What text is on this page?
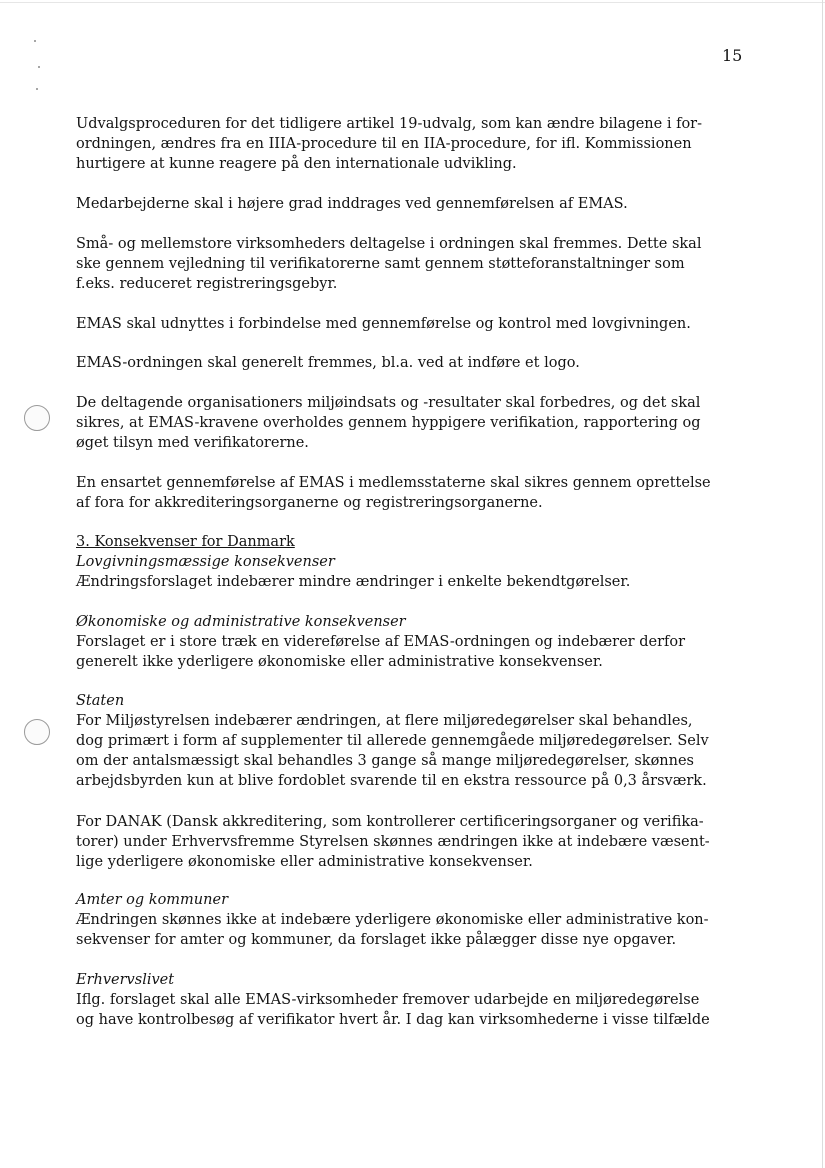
15

Udvalgsproceduren for det tidligere artikel 19-udvalg, som kan ændre bilagene i for-
ordningen, ændres fra en IIIA-procedure til en IIA-procedure, for ifl. Kommissionen
hurtigere at kunne reagere på den internationale udvikling.

Medarbejderne skal i højere grad inddrages ved gennemførelsen af EMAS.

Små- og mellemstore virksomheders deltagelse i ordningen skal fremmes. Dette skal
ske gennem vejledning til verifikatorerne samt gennem støtteforanstaltninger som
f.eks. reduceret registreringsgebyr.

EMAS skal udnyttes i forbindelse med gennemførelse og kontrol med lovgivningen.

EMAS-ordningen skal generelt fremmes, bl.a. ved at indføre et logo.

De deltagende organisationers miljøindsats og -resultater skal forbedres, og det skal
sikres, at EMAS-kravene overholdes gennem hyppigere verifikation, rapportering og
øget tilsyn med verifikatorerne.

En ensartet gennemførelse af EMAS i medlemsstaterne skal sikres gennem oprettelse
af fora for akkrediteringsorganerne og registreringsorganerne.

3. Konsekvenser for Danmark
Lovgivningsmæssige konsekvenser
Ændringsforslaget indebærer mindre ændringer i enkelte bekendtgørelser.

Økonomiske og administrative konsekvenser
Forslaget er i store træk en videreførelse af EMAS-ordningen og indebærer derfor
generelt ikke yderligere økonomiske eller administrative konsekvenser.

Staten
For Miljøstyrelsen indebærer ændringen, at flere miljøredegørelser skal behandles,
dog primært i form af supplementer til allerede gennemgåede miljøredegørelser. Selv
om der antalsmæssigt skal behandles 3 gange så mange miljøredegørelser, skønnes
arbejdsbyrden kun at blive fordoblet svarende til en ekstra ressource på 0,3 årsværk.

For DANAK (Dansk akkreditering, som kontrollerer certificeringsorganer og verifika-
torer) under Erhvervsfremme Styrelsen skønnes ændringen ikke at indebære væsent-
lige yderligere økonomiske eller administrative konsekvenser.

Amter og kommuner
Ændringen skønnes ikke at indebære yderligere økonomiske eller administrative kon-
sekvenser for amter og kommuner, da forslaget ikke pålægger disse nye opgaver.

Erhvervslivet
Iflg. forslaget skal alle EMAS-virksomheder fremover udarbejde en miljøredegørelse
og have kontrolbesøg af verifikator hvert år. I dag kan virksomhederne i visse tilfælde
